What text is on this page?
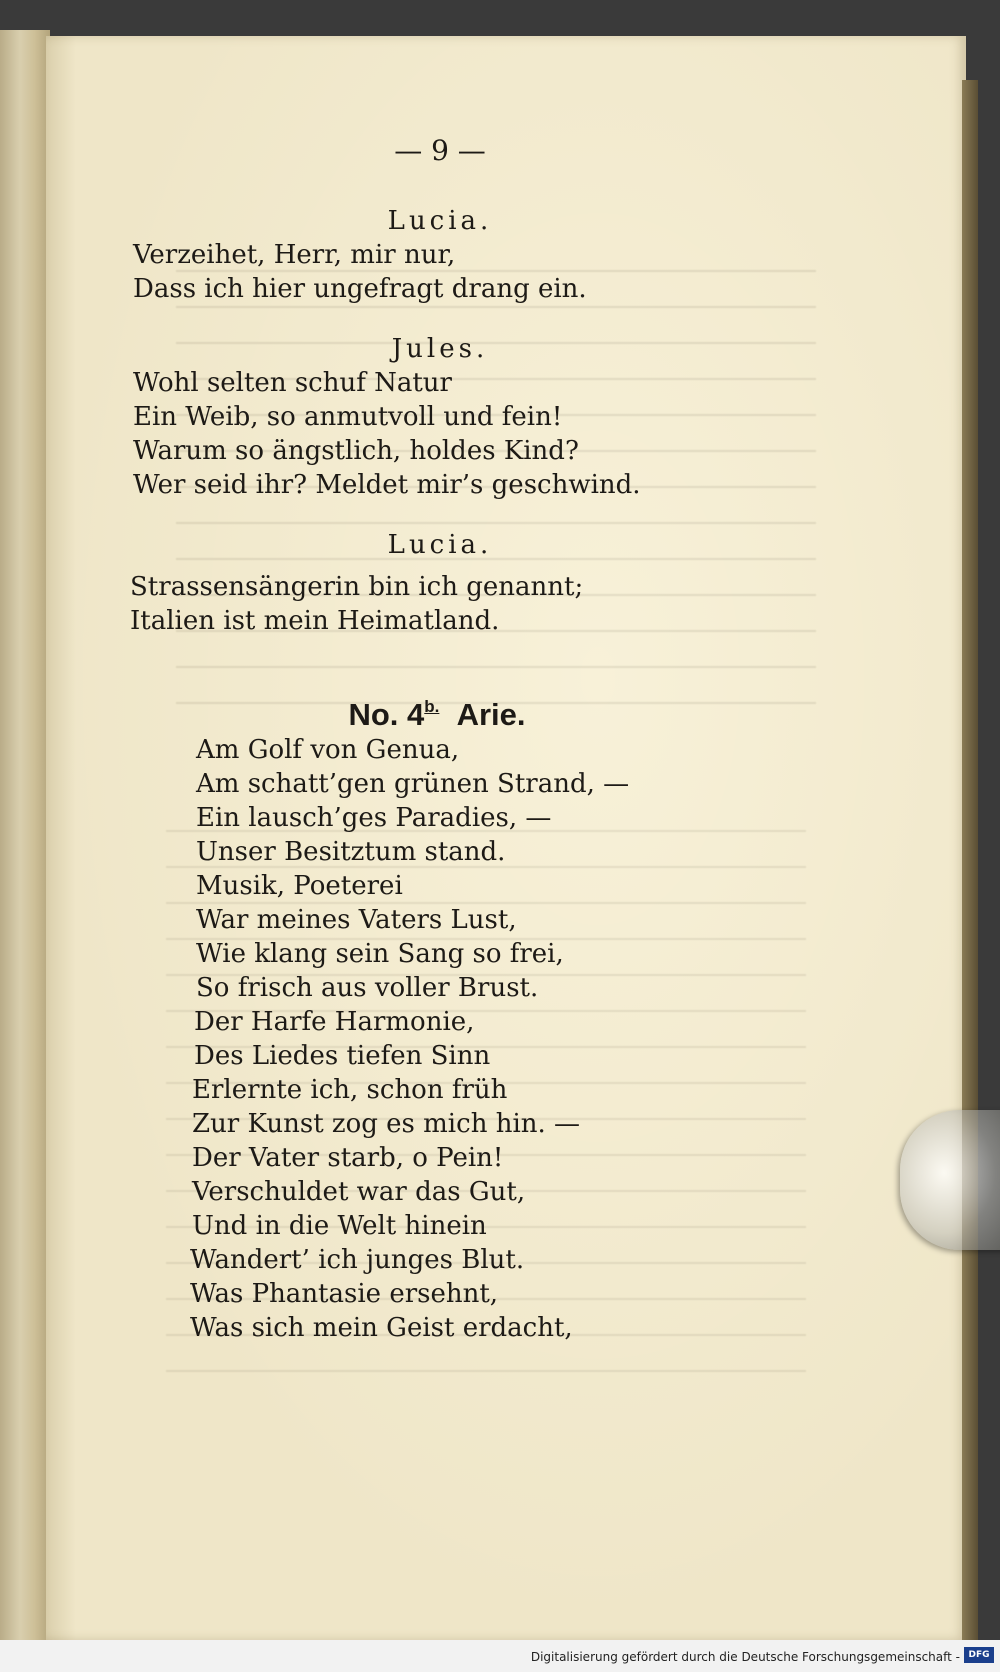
— 9 —
Lucia.
Verzeihet, Herr, mir nur,
Dass ich hier ungefragt drang ein.
Jules.
Wohl selten schuf Natur
Ein Weib, so anmutvoll und fein!
Warum so ängstlich, holdes Kind?
Wer seid ihr? Meldet mir’s geschwind.
Lucia.
Strassensängerin bin ich genannt;
Italien ist mein Heimatland.
No. $4^{b.}$ Arie.
Am Golf von Genua,
Am schatt’gen grünen Strand, —
Ein lausch’ges Paradies, —
Unser Besitztum stand.
Musik, Poeterei
War meines Vaters Lust,
Wie klang sein Sang so frei,
So frisch aus voller Brust.
Der Harfe Harmonie,
Des Liedes tiefen Sinn
Erlernte ich, schon früh
Zur Kunst zog es mich hin. —
Der Vater starb, o Pein!
Verschuldet war das Gut,
Und in die Welt hinein
Wandert’ ich junges Blut.
Was Phantasie ersehnt,
Was sich mein Geist erdacht,
Digitalisierung gefördert durch die Deutsche Forschungsgemeinschaft - DFG
